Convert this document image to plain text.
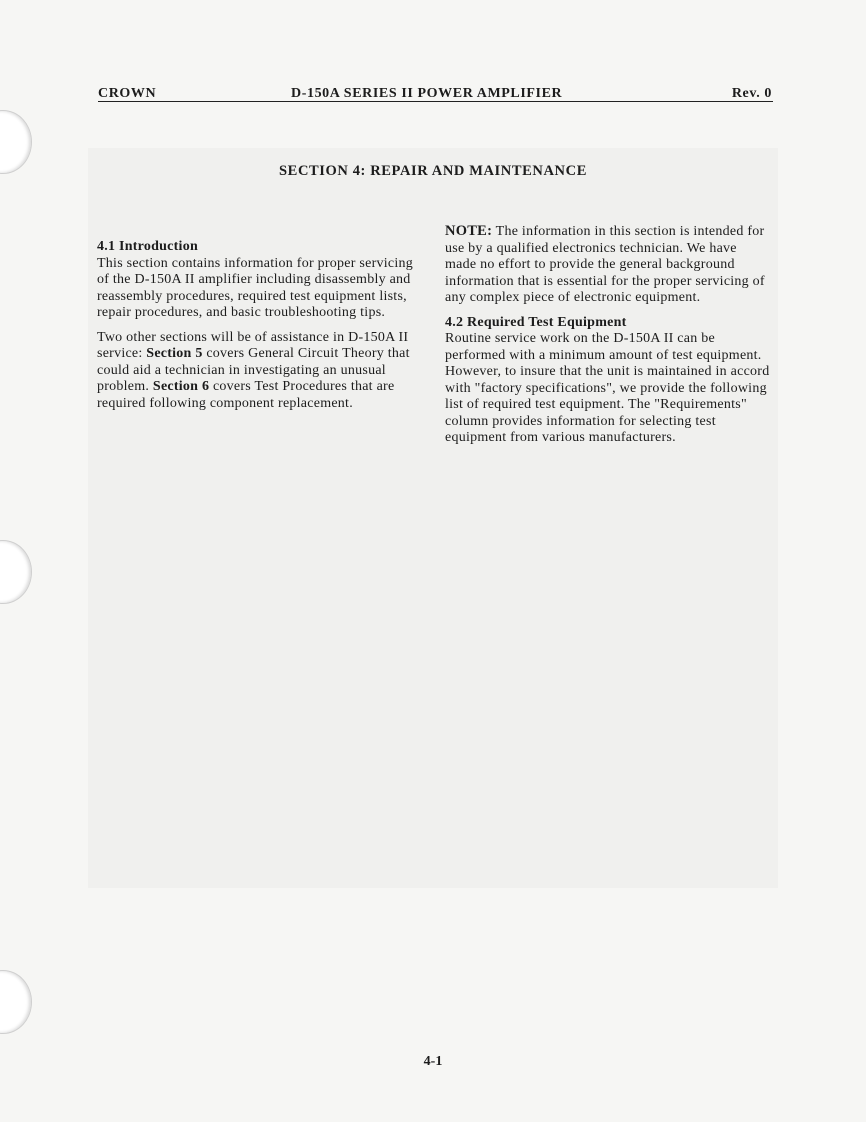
CROWN	D-150A SERIES II POWER AMPLIFIER	Rev. 0
SECTION 4: REPAIR AND MAINTENANCE
4.1 Introduction

This section contains information for proper servicing of the D-150A II amplifier including disassembly and reassembly procedures, required test equipment lists, repair procedures, and basic troubleshooting tips.

Two other sections will be of assistance in D-150A II service: Section 5 covers General Circuit Theory that could aid a technician in investigating an unusual problem. Section 6 covers Test Procedures that are required following component replacement.

NOTE: The information in this section is intended for use by a qualified electronics technician. We have made no effort to provide the general background information that is essential for the proper servicing of any complex piece of electronic equipment.

4.2 Required Test Equipment

Routine service work on the D-150A II can be performed with a minimum amount of test equipment. However, to insure that the unit is maintained in accord with "factory specifications", we provide the following list of required test equipment. The "Requirements" column provides information for selecting test equipment from various manufacturers.

4-1
